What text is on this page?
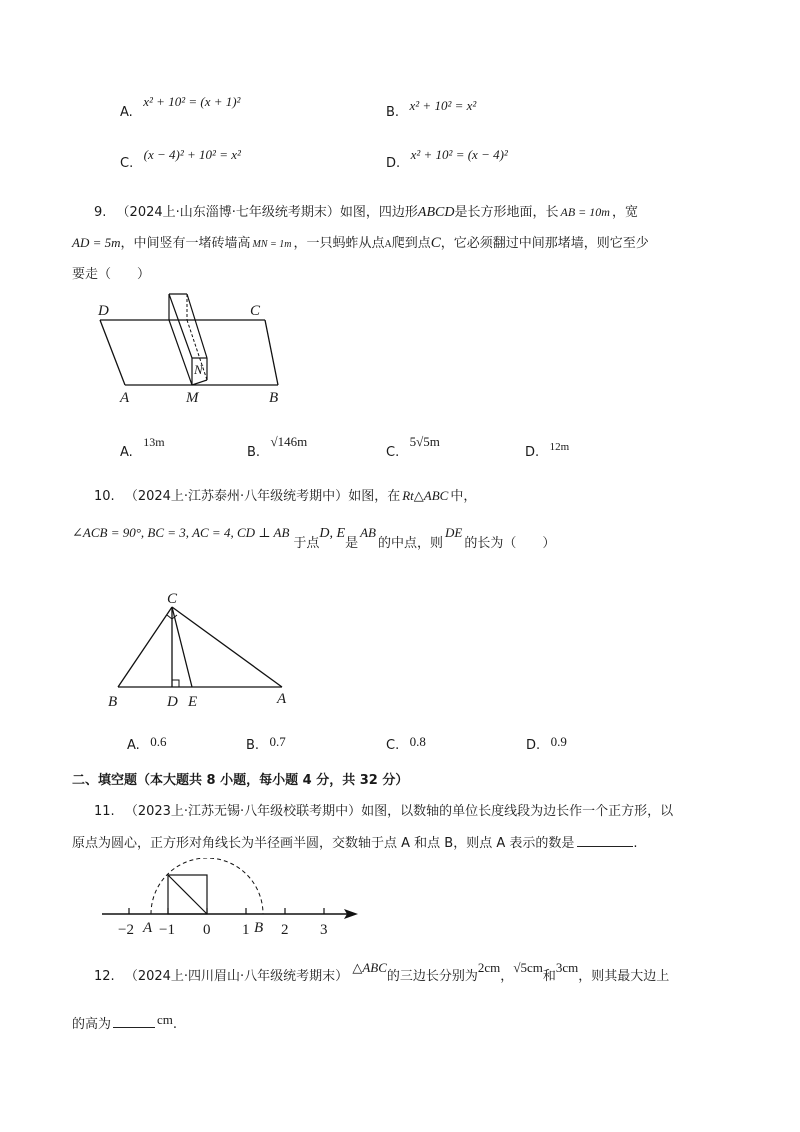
A. x² + 10² = (x + 1)²
B. x² + 10² = x²
C. (x − 4)² + 10² = x²
D. x² + 10² = (x − 4)²
9. （2024上·山东淄博·七年级统考期末）如图，四边形ABCD是长方形地面，长 AB = 10m ，宽
AD = 5m，中间竖有一堵砖墙高 MN = 1m ，一只蚂蚱从点A爬到点C，它必须翻过中间那堵墙，则它至少
要走（　　）
D	C
N
A	M	B
A. 13m
B. √146m
C. 5√5m
D. $^{12m}$
10. （2024上·江苏泰州·八年级统考期中）如图，在 Rt△ABC 中，
∠ACB = 90°, BC = 3, AC = 4, CD ⊥ AB于点D, E是AB的中点，则DE的长为（　　）
C
B	D E	A
A. 0.6	B. 0.7	C. 0.8	D. 0.9
二、填空题（本大题共 8 小题，每小题 4 分，共 32 分）
11. （2023上·江苏无锡·八年级校联考期中）如图，以数轴的单位长度线段为边长作一个正方形，以
原点为圆心，正方形对角线长为半径画半圆，交数轴于点 A 和点 B，则点 A 表示的数是	.
−2 A −1 0 1 B 2 3
12. （2024上·四川眉山·八年级统考期末） △ABC的三边长分别为2cm，√5cm和3cm，则其最大边上
的高为	cm.
